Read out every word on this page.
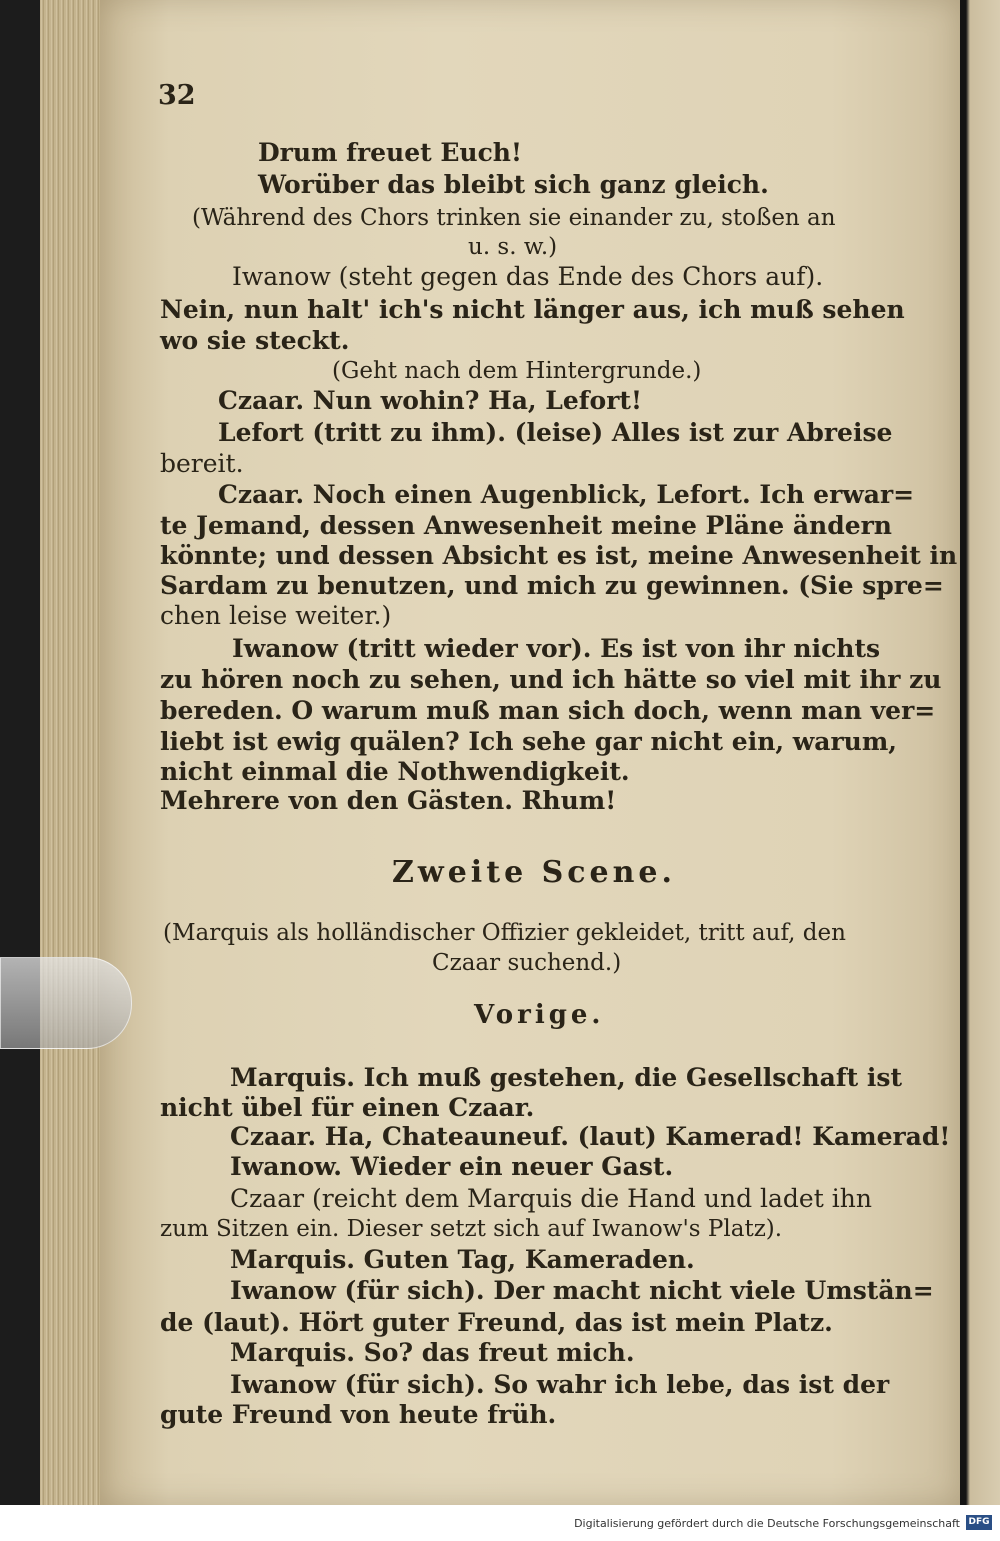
32
Drum freuet Euch!
Worüber das bleibt sich ganz gleich.
(Während des Chors trinken sie einander zu, stoßen an
u. s. w.)
Iwanow (steht gegen das Ende des Chors auf).
Nein, nun halt' ich's nicht länger aus, ich muß sehen
wo sie steckt.
(Geht nach dem Hintergrunde.)
Czaar. Nun wohin? Ha, Lefort!
Lefort (tritt zu ihm). (leise) Alles ist zur Abreise
bereit.
Czaar. Noch einen Augenblick, Lefort. Ich erwar=
te Jemand, dessen Anwesenheit meine Pläne ändern
könnte; und dessen Absicht es ist, meine Anwesenheit in
Sardam zu benutzen, und mich zu gewinnen. (Sie spre=
chen leise weiter.)
Iwanow (tritt wieder vor). Es ist von ihr nichts
zu hören noch zu sehen, und ich hätte so viel mit ihr zu
bereden. O warum muß man sich doch, wenn man ver=
liebt ist ewig quälen? Ich sehe gar nicht ein, warum,
nicht einmal die Nothwendigkeit.
Mehrere von den Gästen. Rhum!
Zweite Scene.
(Marquis als holländischer Offizier gekleidet, tritt auf, den
Czaar suchend.)
Vorige.
Marquis. Ich muß gestehen, die Gesellschaft ist
nicht übel für einen Czaar.
Czaar. Ha, Chateauneuf. (laut) Kamerad! Kamerad!
Iwanow. Wieder ein neuer Gast.
Czaar (reicht dem Marquis die Hand und ladet ihn
zum Sitzen ein. Dieser setzt sich auf Iwanow's Platz).
Marquis. Guten Tag, Kameraden.
Iwanow (für sich). Der macht nicht viele Umstän=
de (laut). Hört guter Freund, das ist mein Platz.
Marquis. So? das freut mich.
Iwanow (für sich). So wahr ich lebe, das ist der
gute Freund von heute früh.
Digitalisierung gefördert durch die Deutsche Forschungsgemeinschaft DFG
